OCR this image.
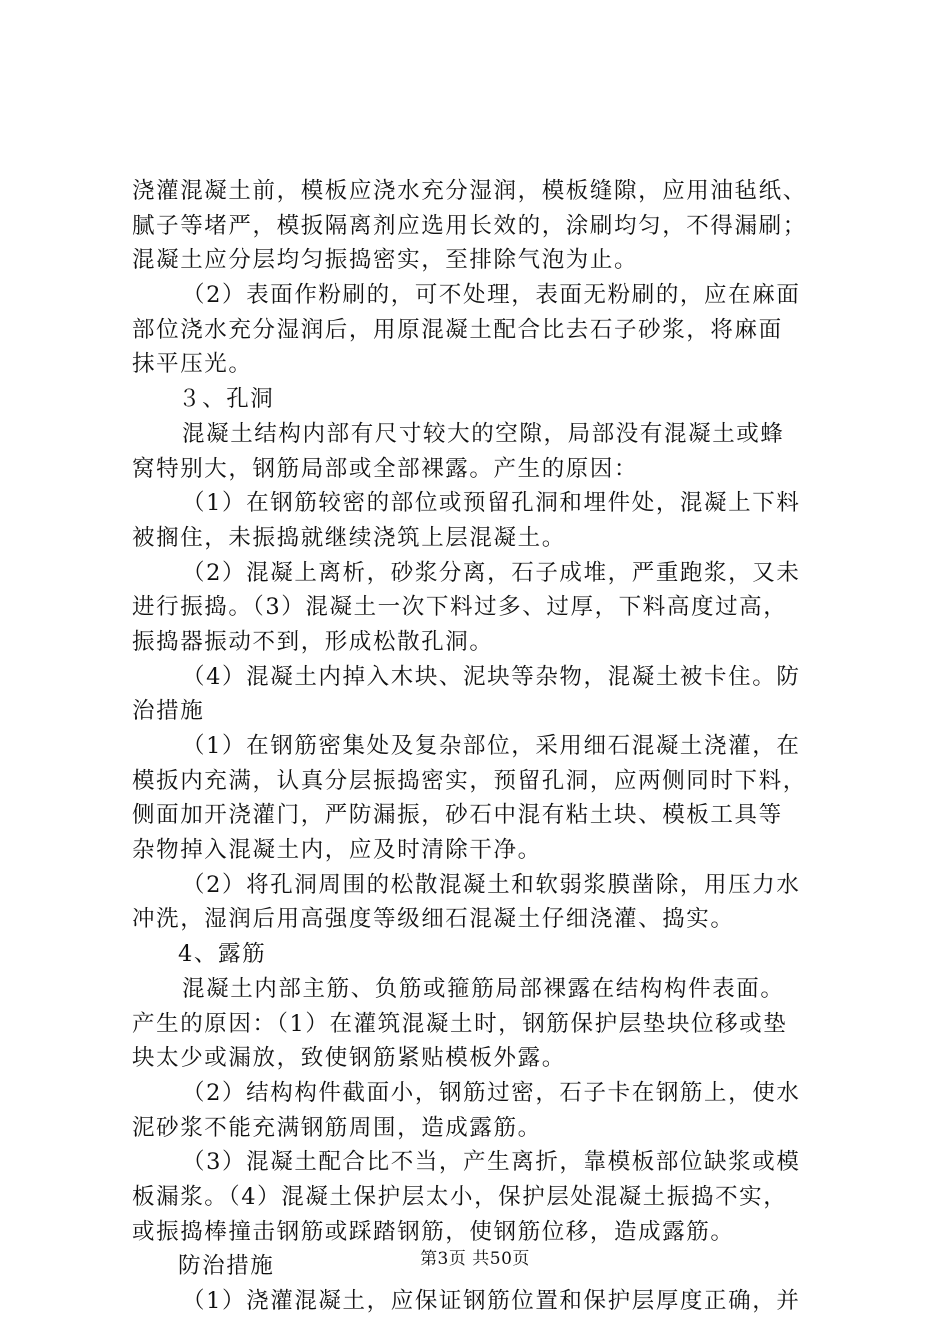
浇灌混凝土前，模板应浇水充分湿润，模板缝隙，应用油毡纸、
腻子等堵严，模扳隔离剂应选用长效的，涂刷均匀，不得漏刷；
混凝土应分层均匀振捣密实，至排除气泡为止。
（2）表面作粉刷的，可不处理，表面无粉刷的，应在麻面
部位浇水充分湿润后，用原混凝土配合比去石子砂浆，将麻面
抹平压光。
３、孔洞
混凝土结构内部有尺寸较大的空隙，局部没有混凝土或蜂
窝特别大，钢筋局部或全部裸露。产生的原因：
（1）在钢筋较密的部位或预留孔洞和埋件处，混凝上下料
被搁住，未振捣就继续浇筑上层混凝土。
（2）混凝上离析，砂浆分离，石子成堆，严重跑浆，又未
进行振捣。（3）混凝土一次下料过多、过厚，下料高度过高，
振捣器振动不到，形成松散孔洞。
（4）混凝土内掉入木块、泥块等杂物，混凝土被卡住。防
治措施
（1）在钢筋密集处及复杂部位，采用细石混凝土浇灌，在
模扳内充满，认真分层振捣密实，预留孔洞，应两侧同时下料，
侧面加开浇灌门，严防漏振，砂石中混有粘土块、模板工具等
杂物掉入混凝土内，应及时清除干净。
（2）将孔洞周围的松散混凝土和软弱浆膜凿除，用压力水
冲洗，湿润后用高强度等级细石混凝土仔细浇灌、捣实。
4、露筋
混凝土内部主筋、负筋或箍筋局部裸露在结构构件表面。
产生的原因：（1）在灌筑混凝土时，钢筋保护层垫块位移或垫
块太少或漏放，致使钢筋紧贴模板外露。
（2）结构构件截面小，钢筋过密，石子卡在钢筋上，使水
泥砂浆不能充满钢筋周围，造成露筋。
（3）混凝土配合比不当，产生离折，靠模板部位缺浆或模
板漏浆。（4）混凝土保护层太小，保护层处混凝土振捣不实，
或振捣棒撞击钢筋或踩踏钢筋，使钢筋位移，造成露筋。
防治措施
（1）浇灌混凝土，应保证钢筋位置和保护层厚度正确，并
第3页 共50页
